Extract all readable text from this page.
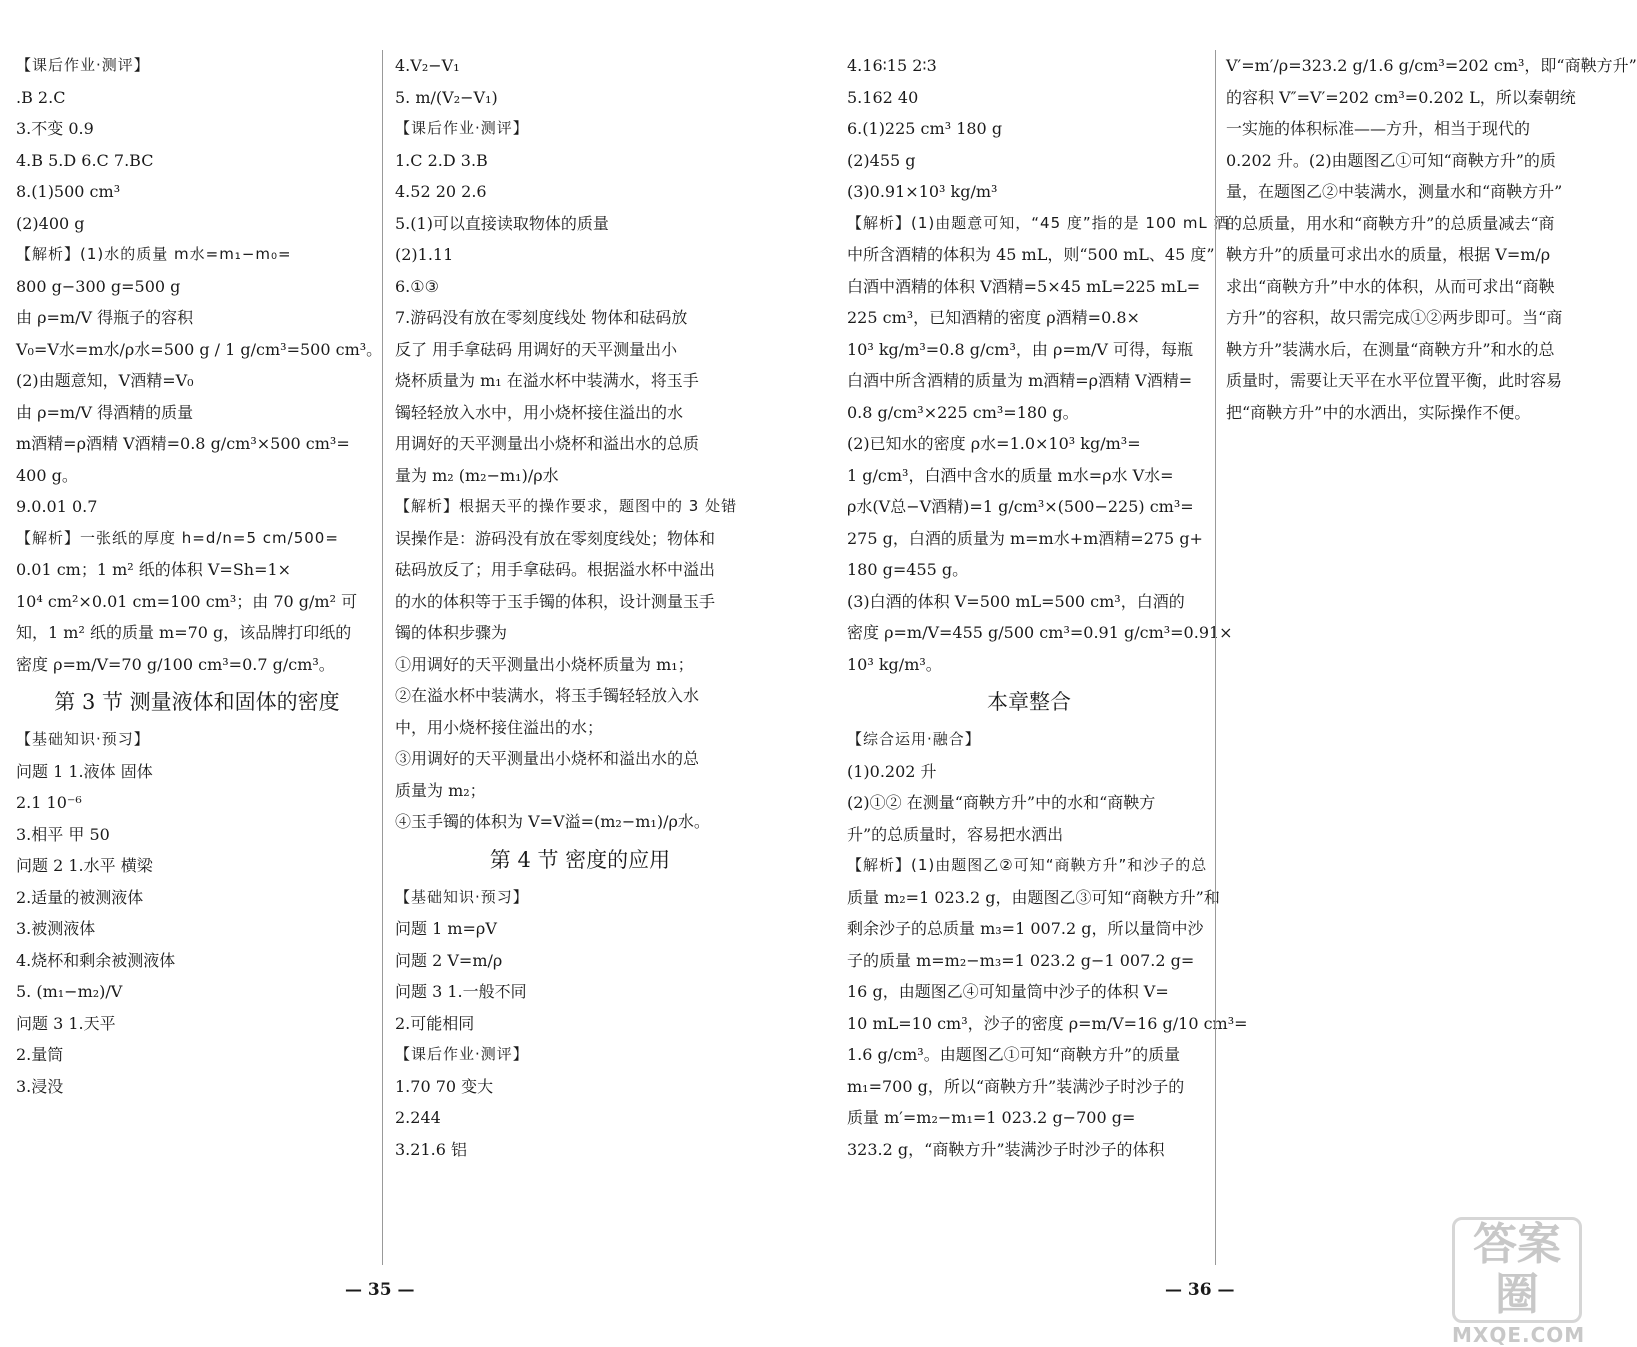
【课后作业·测评】
.B 2.C
3.不变 0.9
4.B 5.D 6.C 7.BC
8.(1)500 cm³
(2)400 g
【解析】(1)水的质量 m水=m₁−m₀=
800 g−300 g=500 g
由 ρ=m/V 得瓶子的容积
V₀=V水=m水/ρ水=500 g / 1 g/cm³=500 cm³。
(2)由题意知，V酒精=V₀
由 ρ=m/V 得酒精的质量
m酒精=ρ酒精 V酒精=0.8 g/cm³×500 cm³=
400 g。
9.0.01 0.7
【解析】一张纸的厚度 h=d/n=5 cm/500=
0.01 cm；1 m² 纸的体积 V=Sh=1×
10⁴ cm²×0.01 cm=100 cm³；由 70 g/m² 可
知，1 m² 纸的质量 m=70 g，该品牌打印纸的
密度 ρ=m/V=70 g/100 cm³=0.7 g/cm³。
第 3 节 测量液体和固体的密度
【基础知识·预习】
问题 1 1.液体 固体
2.1 10⁻⁶
3.相平 甲 50
问题 2 1.水平 横梁
2.适量的被测液体
3.被测液体
4.烧杯和剩余被测液体
5. (m₁−m₂)/V
问题 3 1.天平
2.量筒
3.浸没
4.V₂−V₁
5. m/(V₂−V₁)
【课后作业·测评】
1.C 2.D 3.B
4.52 20 2.6
5.(1)可以直接读取物体的质量
(2)1.11
6.①③
7.游码没有放在零刻度线处 物体和砝码放
反了 用手拿砝码 用调好的天平测量出小
烧杯质量为 m₁ 在溢水杯中装满水，将玉手
镯轻轻放入水中，用小烧杯接住溢出的水
用调好的天平测量出小烧杯和溢出水的总质
量为 m₂ (m₂−m₁)/ρ水
【解析】根据天平的操作要求，题图中的 3 处错
误操作是：游码没有放在零刻度线处；物体和
砝码放反了；用手拿砝码。根据溢水杯中溢出
的水的体积等于玉手镯的体积，设计测量玉手
镯的体积步骤为
①用调好的天平测量出小烧杯质量为 m₁；
②在溢水杯中装满水，将玉手镯轻轻放入水
中，用小烧杯接住溢出的水；
③用调好的天平测量出小烧杯和溢出水的总
质量为 m₂；
④玉手镯的体积为 V=V溢=(m₂−m₁)/ρ水。
第 4 节 密度的应用
【基础知识·预习】
问题 1 m=ρV
问题 2 V=m/ρ
问题 3 1.一般不同
2.可能相同
【课后作业·测评】
1.70 70 变大
2.244
3.21.6 铝
4.16∶15 2∶3
5.162 40
6.(1)225 cm³ 180 g
(2)455 g
(3)0.91×10³ kg/m³
【解析】(1)由题意可知，“45 度”指的是 100 mL 酒
中所含酒精的体积为 45 mL，则“500 mL、45 度”
白酒中酒精的体积 V酒精=5×45 mL=225 mL=
225 cm³，已知酒精的密度 ρ酒精=0.8×
10³ kg/m³=0.8 g/cm³，由 ρ=m/V 可得，每瓶
白酒中所含酒精的质量为 m酒精=ρ酒精 V酒精=
0.8 g/cm³×225 cm³=180 g。
(2)已知水的密度 ρ水=1.0×10³ kg/m³=
1 g/cm³，白酒中含水的质量 m水=ρ水 V水=
ρ水(V总−V酒精)=1 g/cm³×(500−225) cm³=
275 g，白酒的质量为 m=m水+m酒精=275 g+
180 g=455 g。
(3)白酒的体积 V=500 mL=500 cm³，白酒的
密度 ρ=m/V=455 g/500 cm³=0.91 g/cm³=0.91×
10³ kg/m³。
本章整合
【综合运用·融合】
(1)0.202 升
(2)①② 在测量“商鞅方升”中的水和“商鞅方
升”的总质量时，容易把水洒出
【解析】(1)由题图乙②可知“商鞅方升”和沙子的总
质量 m₂=1 023.2 g，由题图乙③可知“商鞅方升”和
剩余沙子的总质量 m₃=1 007.2 g，所以量筒中沙
子的质量 m=m₂−m₃=1 023.2 g−1 007.2 g=
16 g，由题图乙④可知量筒中沙子的体积 V=
10 mL=10 cm³，沙子的密度 ρ=m/V=16 g/10 cm³=
1.6 g/cm³。由题图乙①可知“商鞅方升”的质量
m₁=700 g，所以“商鞅方升”装满沙子时沙子的
质量 m′=m₂−m₁=1 023.2 g−700 g=
323.2 g，“商鞅方升”装满沙子时沙子的体积
V′=m′/ρ=323.2 g/1.6 g/cm³=202 cm³，即“商鞅方升”
的容积 V″=V′=202 cm³=0.202 L，所以秦朝统
一实施的体积标准——方升，相当于现代的
0.202 升。(2)由题图乙①可知“商鞅方升”的质
量，在题图乙②中装满水，测量水和“商鞅方升”
的总质量，用水和“商鞅方升”的总质量减去“商
鞅方升”的质量可求出水的质量，根据 V=m/ρ
求出“商鞅方升”中水的体积，从而可求出“商鞅
方升”的容积，故只需完成①②两步即可。当“商
鞅方升”装满水后，在测量“商鞅方升”和水的总
质量时，需要让天平在水平位置平衡，此时容易
把“商鞅方升”中的水洒出，实际操作不便。
— 35 —	— 36 —
答案圈
MXQE.COM
